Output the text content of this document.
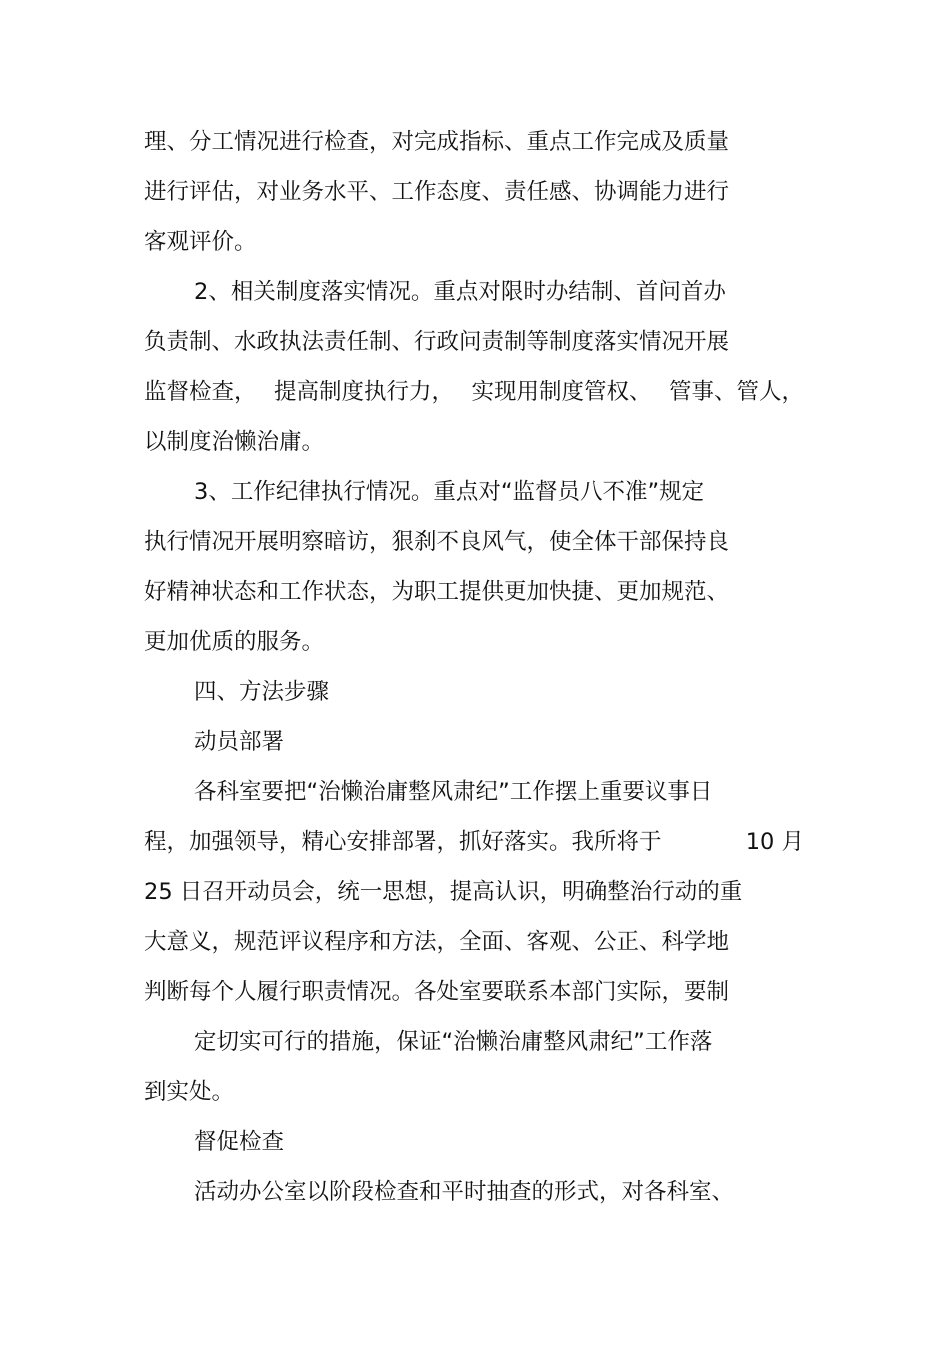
理、分工情况进行检查，对完成指标、重点工作完成及质量

进行评估，对业务水平、工作态度、责任感、协调能力进行

客观评价。

2、相关制度落实情况。重点对限时办结制、首问首办

负责制、水政执法责任制、行政问责制等制度落实情况开展

监督检查， 提高制度执行力， 实现用制度管权、 管事、管人，

以制度治懒治庸。

3、工作纪律执行情况。重点对“监督员八不准”规定

执行情况开展明察暗访，狠刹不良风气，使全体干部保持良

好精神状态和工作状态，为职工提供更加快捷、更加规范、

更加优质的服务。

四、方法步骤

动员部署

各科室要把“治懒治庸整风肃纪”工作摆上重要议事日

程，加强领导，精心安排部署，抓好落实。我所将于	10 月

25 日召开动员会，统一思想，提高认识，明确整治行动的重

大意义，规范评议程序和方法，全面、客观、公正、科学地

判断每个人履行职责情况。各处室要联系本部门实际，要制

定切实可行的措施，保证“治懒治庸整风肃纪”工作落

到实处。

督促检查

活动办公室以阶段检查和平时抽查的形式，对各科室、
